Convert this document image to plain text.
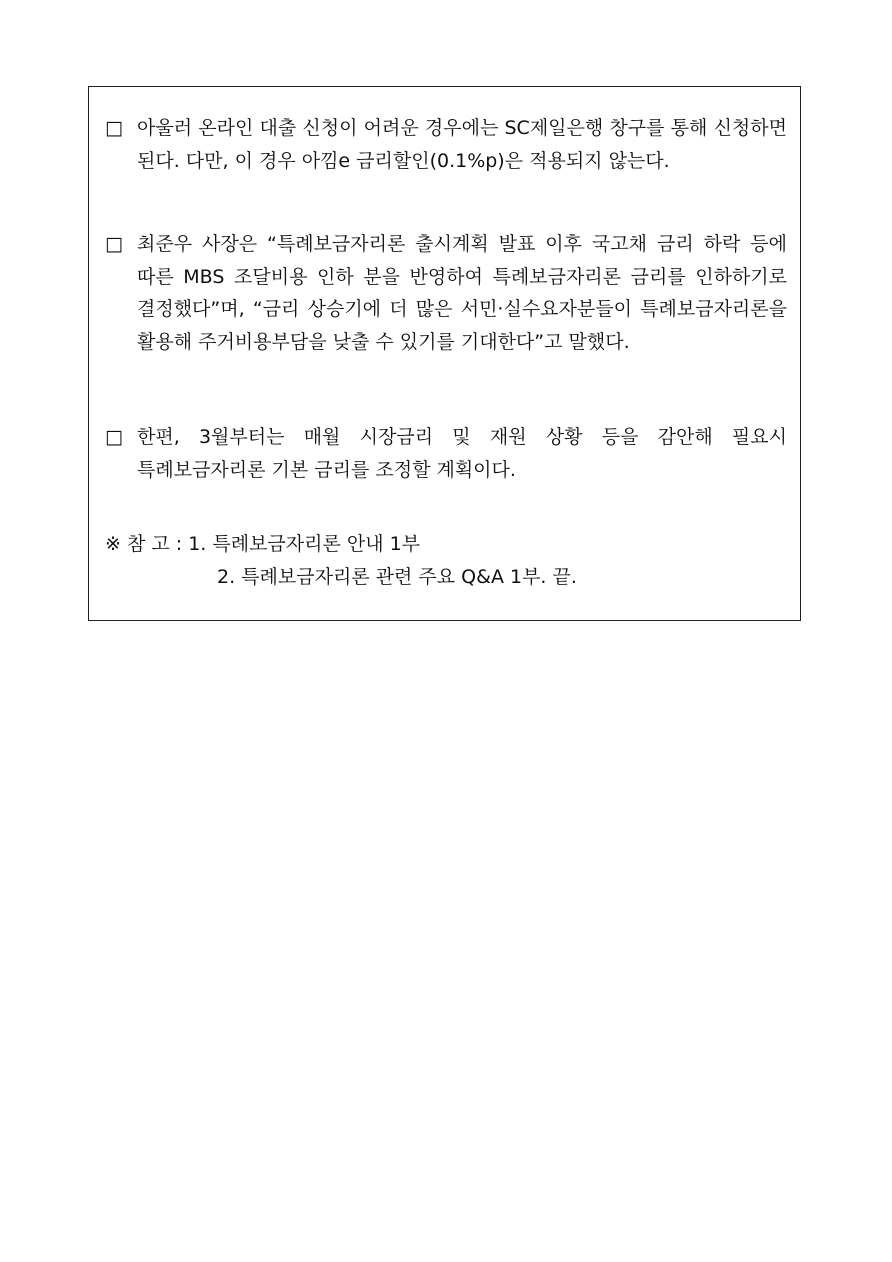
□ 아울러 온라인 대출 신청이 어려운 경우에는 SC제일은행 창구를 통해 신청하면 된다. 다만, 이 경우 아낌e 금리할인(0.1%p)은 적용되지 않는다.
□ 최준우 사장은 “특례보금자리론 출시계획 발표 이후 국고채 금리 하락 등에 따른 MBS 조달비용 인하 분을 반영하여 특례보금자리론 금리를 인하하기로 결정했다”며, “금리 상승기에 더 많은 서민·실수요자분들이 특례보금자리론을 활용해 주거비용부담을 낮출 수 있기를 기대한다”고 말했다.
□ 한편, 3월부터는 매월 시장금리 및 재원 상황 등을 감안해 필요시 특례보금자리론 기본 금리를 조정할 계획이다.
※ 참 고 : 1. 특례보금자리론 안내 1부
2. 특례보금자리론 관련 주요 Q&A 1부. 끝.
